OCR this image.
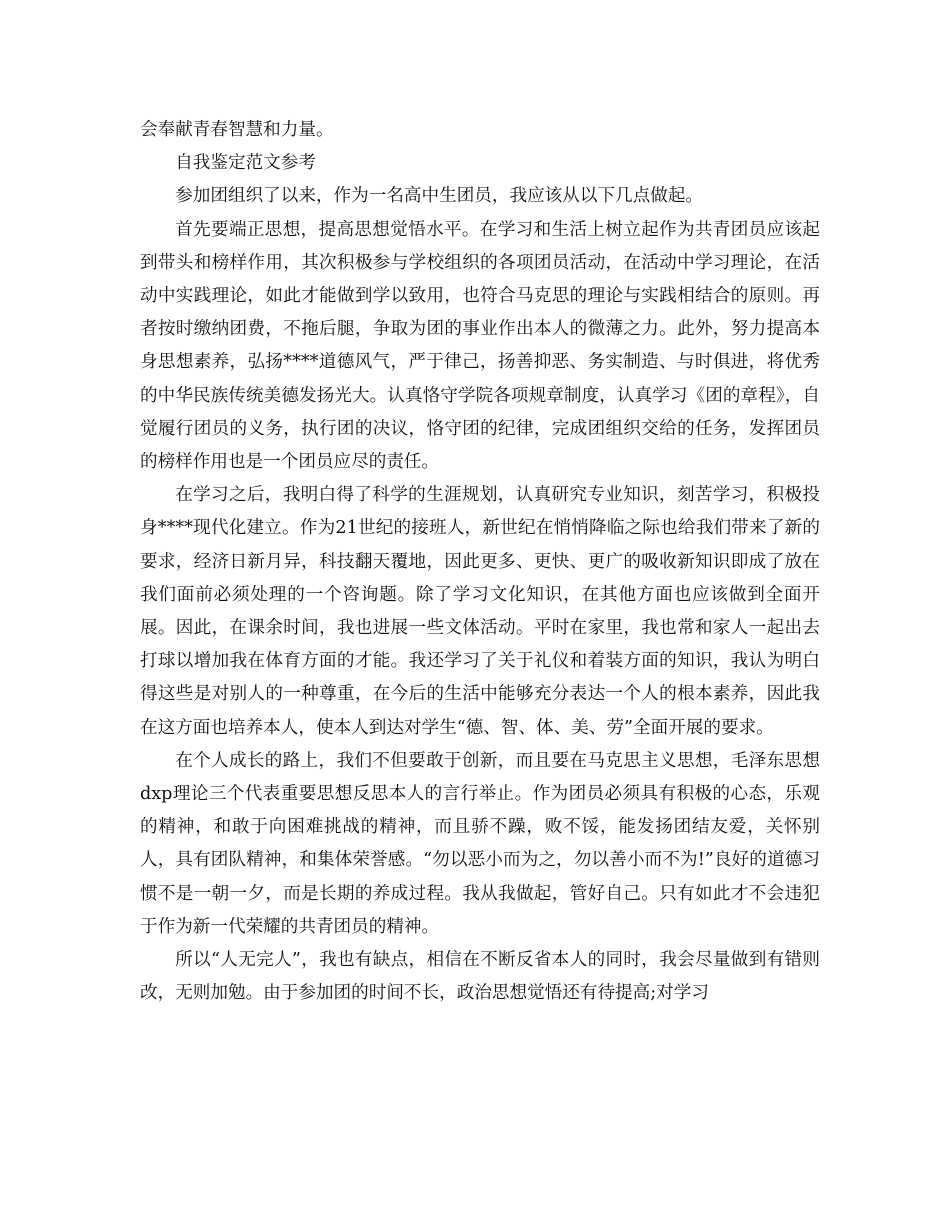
会奉献青春智慧和力量。

自我鉴定范文参考

参加团组织了以来，作为一名高中生团员，我应该从以下几点做起。

首先要端正思想，提高思想觉悟水平。在学习和生活上树立起作为共青团员应该起到带头和榜样作用，其次积极参与学校组织的各项团员活动，在活动中学习理论，在活动中实践理论，如此才能做到学以致用，也符合马克思的理论与实践相结合的原则。再者按时缴纳团费，不拖后腿，争取为团的事业作出本人的微薄之力。此外，努力提高本身思想素养，弘扬****道德风气，严于律己，扬善抑恶、务实制造、与时俱进，将优秀的中华民族传统美德发扬光大。认真恪守学院各项规章制度，认真学习《团的章程》，自觉履行团员的义务，执行团的决议，恪守团的纪律，完成团组织交给的任务，发挥团员的榜样作用也是一个团员应尽的责任。

在学习之后，我明白得了科学的生涯规划，认真研究专业知识，刻苦学习，积极投身****现代化建立。作为21世纪的接班人，新世纪在悄悄降临之际也给我们带来了新的要求，经济日新月异，科技翻天覆地，因此更多、更快、更广的吸收新知识即成了放在我们面前必须处理的一个咨询题。除了学习文化知识，在其他方面也应该做到全面开展。因此，在课余时间，我也进展一些文体活动。平时在家里，我也常和家人一起出去打球以增加我在体育方面的才能。我还学习了关于礼仪和着装方面的知识，我认为明白得这些是对别人的一种尊重，在今后的生活中能够充分表达一个人的根本素养，因此我在这方面也培养本人，使本人到达对学生“德、智、体、美、劳”全面开展的要求。

在个人成长的路上，我们不但要敢于创新，而且要在马克思主义思想，毛泽东思想dxp理论三个代表重要思想反思本人的言行举止。作为团员必须具有积极的心态，乐观的精神，和敢于向困难挑战的精神，而且骄不躁，败不馁，能发扬团结友爱，关怀别人，具有团队精神，和集体荣誉感。“勿以恶小而为之，勿以善小而不为!”良好的道德习惯不是一朝一夕，而是长期的养成过程。我从我做起，管好自己。只有如此才不会违犯于作为新一代荣耀的共青团员的精神。

所以“人无完人”，我也有缺点，相信在不断反省本人的同时，我会尽量做到有错则改，无则加勉。由于参加团的时间不长，政治思想觉悟还有待提高;对学习
